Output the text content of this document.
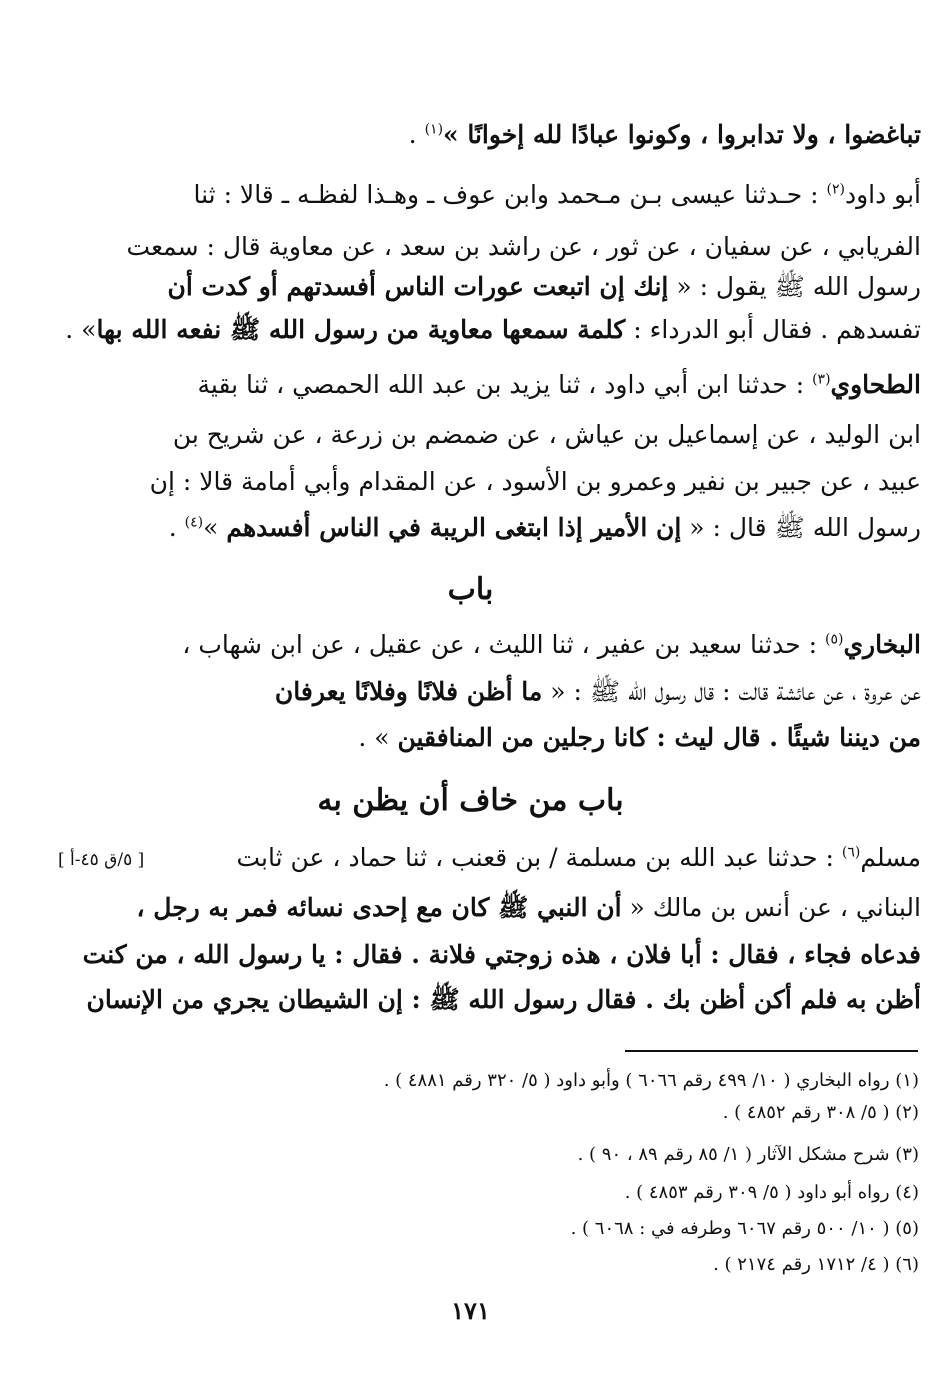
تباغضوا ، ولا تدابروا ، وكونوا عبادًا لله إخوانًا »$^{(١)}$ .
أبو داود$^{(٢)}$ : حـدثنا عيسى بـن مـحمد وابن عوف ـ وهـذا لفظـه ـ قالا : ثنا
الفريابي ، عن سفيان ، عن ثور ، عن راشد بن سعد ، عن معاوية قال : سمعت
رسول الله ﷺ يقول : « إنك إن اتبعت عورات الناس أفسدتهم أو كدت أن
تفسدهم . فقال أبو الدرداء : كلمة سمعها معاوية من رسول الله ﷺ نفعه الله بها» .
الطحاوي$^{(٣)}$ : حدثنا ابن أبي داود ، ثنا يزيد بن عبد الله الحمصي ، ثنا بقية
ابن الوليد ، عن إسماعيل بن عياش ، عن ضمضم بن زرعة ، عن شريح بن
عبيد ، عن جبير بن نفير وعمرو بن الأسود ، عن المقدام وأبي أمامة قالا : إن
رسول الله ﷺ قال : « إن الأمير إذا ابتغى الريبة في الناس أفسدهم »$^{(٤)}$ .
باب
البخاري$^{(٥)}$ : حدثنا سعيد بن عفير ، ثنا الليث ، عن عقيل ، عن ابن شهاب ،
عن عروة ، عن عائشة قالت : قال رسول الله ﷺ : « ما أظن فلانًا وفلانًا يعرفان
من ديننا شيئًا . قال ليث : كانا رجلين من المنافقين » .
باب من خاف أن يظن به
مسلم$^{(٦)}$ : حدثنا عبد الله بن مسلمة / بن قعنب ، ثنا حماد ، عن ثابت
[ ٥/ق ٤٥-أ ]
البناني ، عن أنس بن مالك « أن النبي ﷺ كان مع إحدى نسائه فمر به رجل ،
فدعاه فجاء ، فقال : أبا فلان ، هذه زوجتي فلانة . فقال : يا رسول الله ، من كنت
أظن به فلم أكن أظن بك . فقال رسول الله ﷺ : إن الشيطان يجري من الإنسان
(١) رواه البخاري ( ١٠/ ٤٩٩ رقم ٦٠٦٦ ) وأبو داود ( ٥/ ٣٢٠ رقم ٤٨٨١ ) .
(٢) ( ٥/ ٣٠٨ رقم ٤٨٥٢ ) .
(٣) شرح مشكل الآثار ( ١/ ٨٥ رقم ٨٩ ، ٩٠ ) .
(٤) رواه أبو داود ( ٥/ ٣٠٩ رقم ٤٨٥٣ ) .
(٥) ( ١٠/ ٥٠٠ رقم ٦٠٦٧ وطرفه في : ٦٠٦٨ ) .
(٦) ( ٤/ ١٧١٢ رقم ٢١٧٤ ) .
١٧١
